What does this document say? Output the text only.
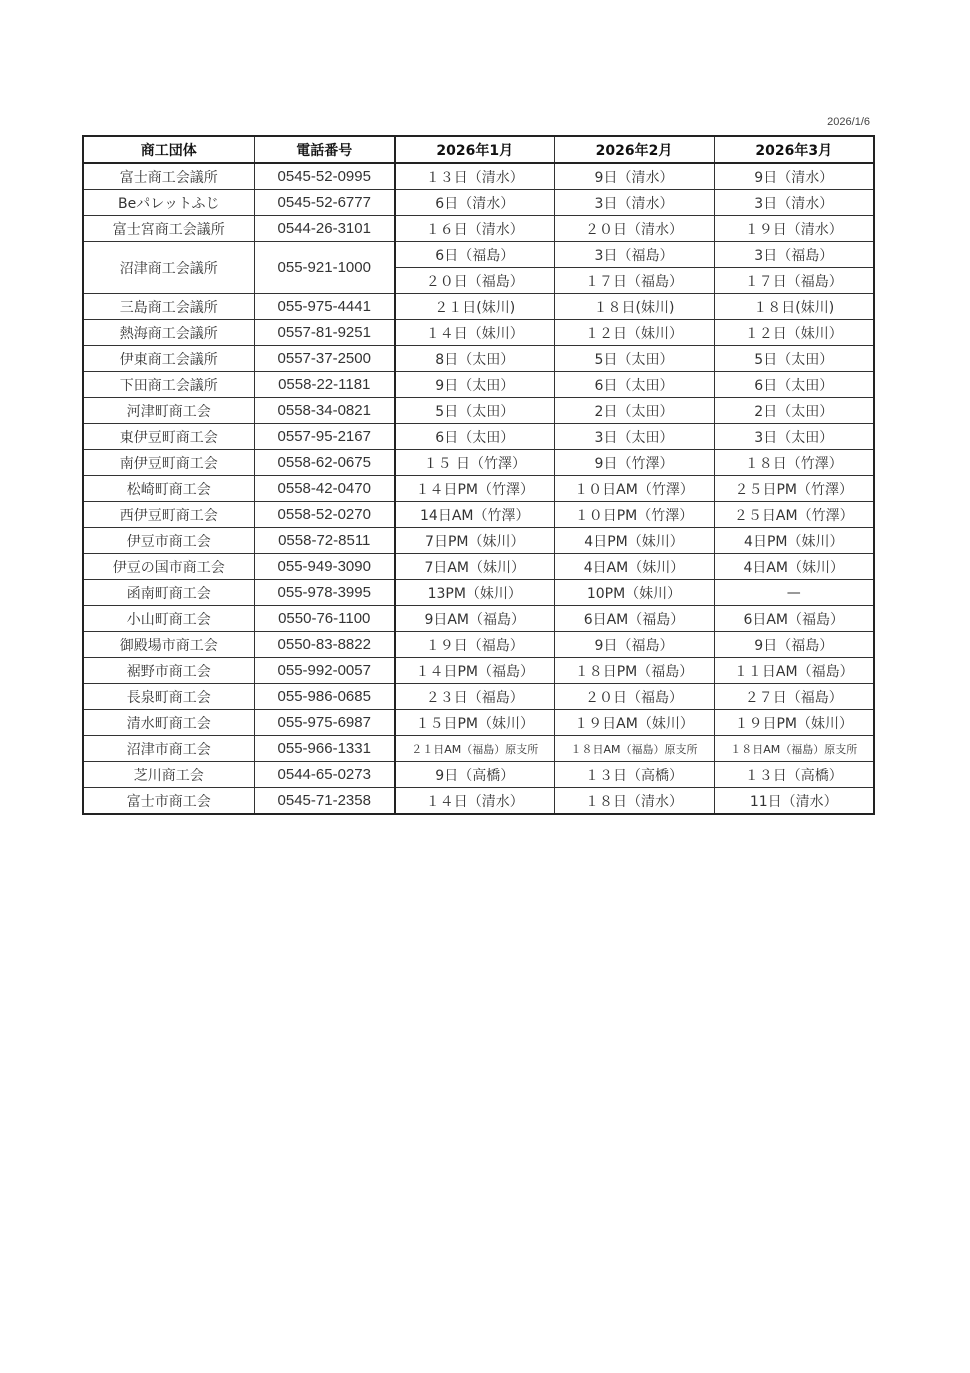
2026/1/6
商工団体	電話番号	2026年1月	2026年2月	2026年3月
富士商工会議所	0545-52-0995	１３日（清水）	9日（清水）	9日（清水）
Beパレットふじ	0545-52-6777	6日（清水）	3日（清水）	3日（清水）
富士宮商工会議所	0544-26-3101	１６日（清水）	２０日（清水）	１９日（清水）
沼津商工会議所	055-921-1000	6日（福島）	3日（福島）	3日（福島）
		２０日（福島）	１７日（福島）	１７日（福島）
三島商工会議所	055-975-4441	２１日(妹川)	１８日(妹川)	１８日(妹川)
熱海商工会議所	0557-81-9251	１４日（妹川）	１２日（妹川）	１２日（妹川）
伊東商工会議所	0557-37-2500	8日（太田）	5日（太田）	5日（太田）
下田商工会議所	0558-22-1181	9日（太田）	6日（太田）	6日（太田）
河津町商工会	0558-34-0821	5日（太田）	2日（太田）	2日（太田）
東伊豆町商工会	0557-95-2167	6日（太田）	3日（太田）	3日（太田）
南伊豆町商工会	0558-62-0675	１５ 日（竹澤）	9日（竹澤）	１８日（竹澤）
松崎町商工会	0558-42-0470	１４日PM（竹澤）	１０日AM（竹澤）	２５日PM（竹澤）
西伊豆町商工会	0558-52-0270	14日AM（竹澤）	１０日PM（竹澤）	２５日AM（竹澤）
伊豆市商工会	0558-72-8511	7日PM（妹川）	4日PM（妹川）	4日PM（妹川）
伊豆の国市商工会	055-949-3090	7日AM（妹川）	4日AM（妹川）	4日AM（妹川）
函南町商工会	055-978-3995	13PM（妹川）	10PM（妹川）	—
小山町商工会	0550-76-1100	9日AM（福島）	6日AM（福島）	6日AM（福島）
御殿場市商工会	0550-83-8822	１９日（福島）	9日（福島）	9日（福島）
裾野市商工会	055-992-0057	１４日PM（福島）	１８日PM（福島）	１１日AM（福島）
長泉町商工会	055-986-0685	２３日（福島）	２０日（福島）	２７日（福島）
清水町商工会	055-975-6987	１５日PM（妹川）	１９日AM（妹川）	１９日PM（妹川）
沼津市商工会	055-966-1331	２１日AM（福島）原支所	１８日AM（福島）原支所	１８日AM（福島）原支所
芝川商工会	0544-65-0273	9日（高橋）	１３日（高橋）	１３日（高橋）
富士市商工会	0545-71-2358	１４日（清水）	１８日（清水）	11日（清水）
